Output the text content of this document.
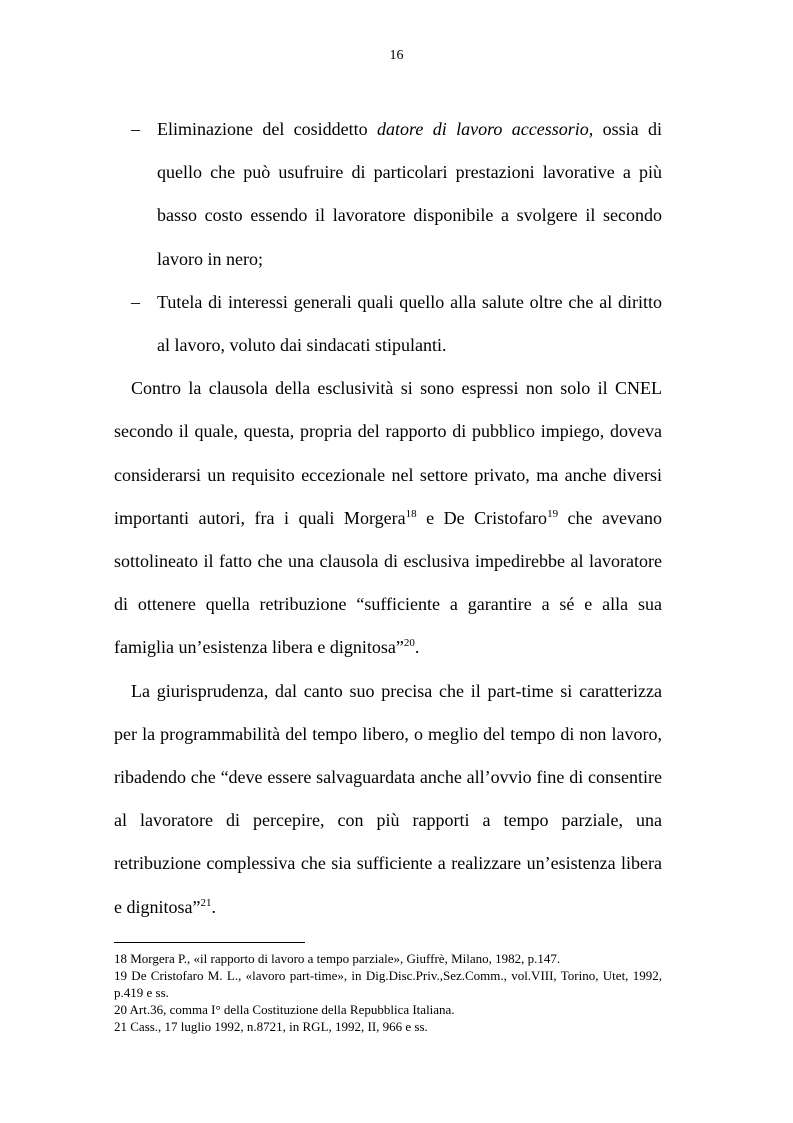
16
– Eliminazione del cosiddetto datore di lavoro accessorio, ossia di quello che può usufruire di particolari prestazioni lavorative a più basso costo essendo il lavoratore disponibile a svolgere il secondo lavoro in nero;
– Tutela di interessi generali quali quello alla salute oltre che al diritto al lavoro, voluto dai sindacati stipulanti.

Contro la clausola della esclusività si sono espressi non solo il CNEL secondo il quale, questa, propria del rapporto di pubblico impiego, doveva considerarsi un requisito eccezionale nel settore privato, ma anche diversi importanti autori, fra i quali Morgera$^{18}$ e De Cristofaro$^{19}$ che avevano sottolineato il fatto che una clausola di esclusiva impedirebbe al lavoratore di ottenere quella retribuzione “sufficiente a garantire a sé e alla sua famiglia un’esistenza libera e dignitosa”$^{20}$.

La giurisprudenza, dal canto suo precisa che il part-time si caratterizza per la programmabilità del tempo libero, o meglio del tempo di non lavoro, ribadendo che “deve essere salvaguardata anche all’ovvio fine di consentire al lavoratore di percepire, con più rapporti a tempo parziale, una retribuzione complessiva che sia sufficiente a realizzare un’esistenza libera e dignitosa”$^{21}$.

18 Morgera P., «il rapporto di lavoro a tempo parziale», Giuffrè, Milano, 1982, p.147.

19 De Cristofaro M. L., «lavoro part-time», in Dig.Disc.Priv.,Sez.Comm., vol.VIII, Torino, Utet, 1992, p.419 e ss.

20 Art.36, comma I° della Costituzione della Repubblica Italiana.

21 Cass., 17 luglio 1992, n.8721, in RGL, 1992, II, 966 e ss.
